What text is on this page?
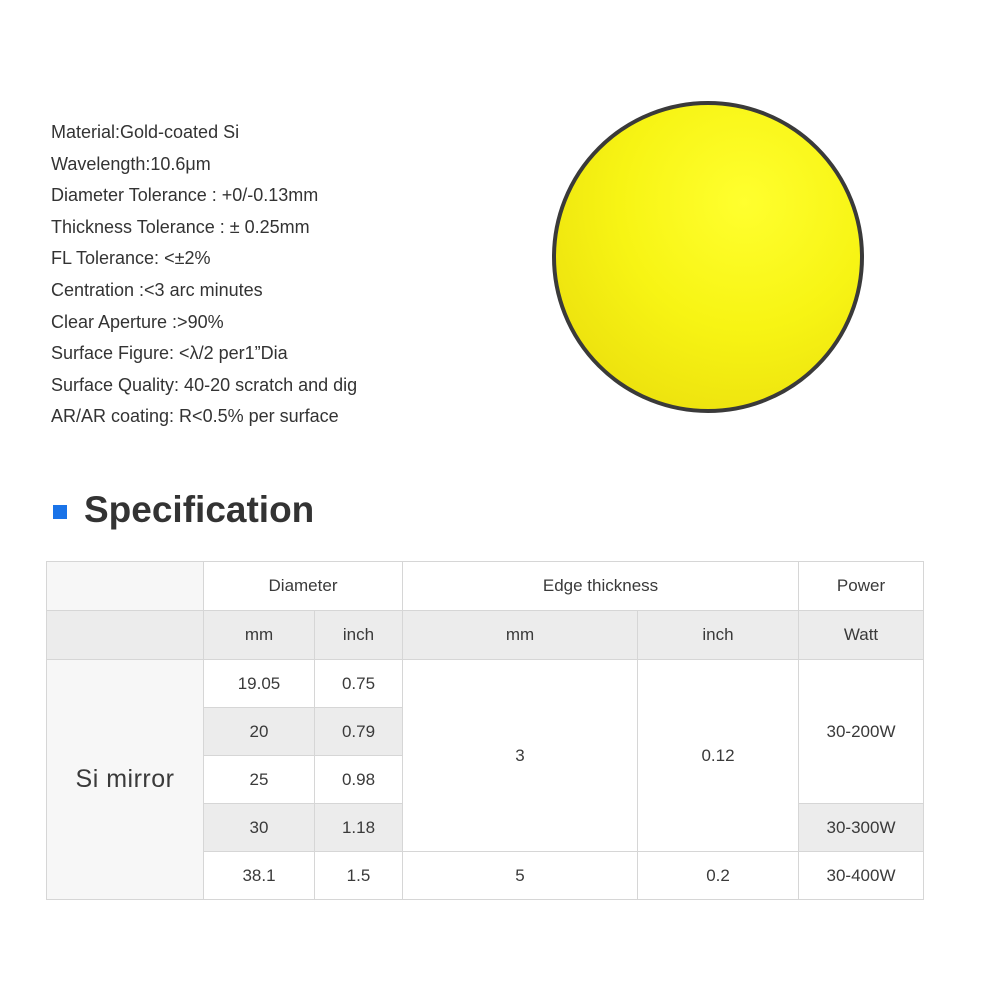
Material:Gold-coated Si
Wavelength:10.6μm
Diameter Tolerance : +0/-0.13mm
Thickness Tolerance : ± 0.25mm
FL Tolerance: <±2%
Centration :<3 arc minutes
Clear Aperture :>90%
Surface Figure: <λ/2 per1”Dia
Surface Quality: 40-20 scratch and dig
AR/AR coating: R<0.5% per surface
Specification
	Diameter		Edge thickness		Power
	mm	inch	mm	inch	Watt
Si mirror	19.05	0.75	3	0.12	30-200W
	20	0.79			
	25	0.98			
	30	1.18			30-300W
	38.1	1.5	5	0.2	30-400W
